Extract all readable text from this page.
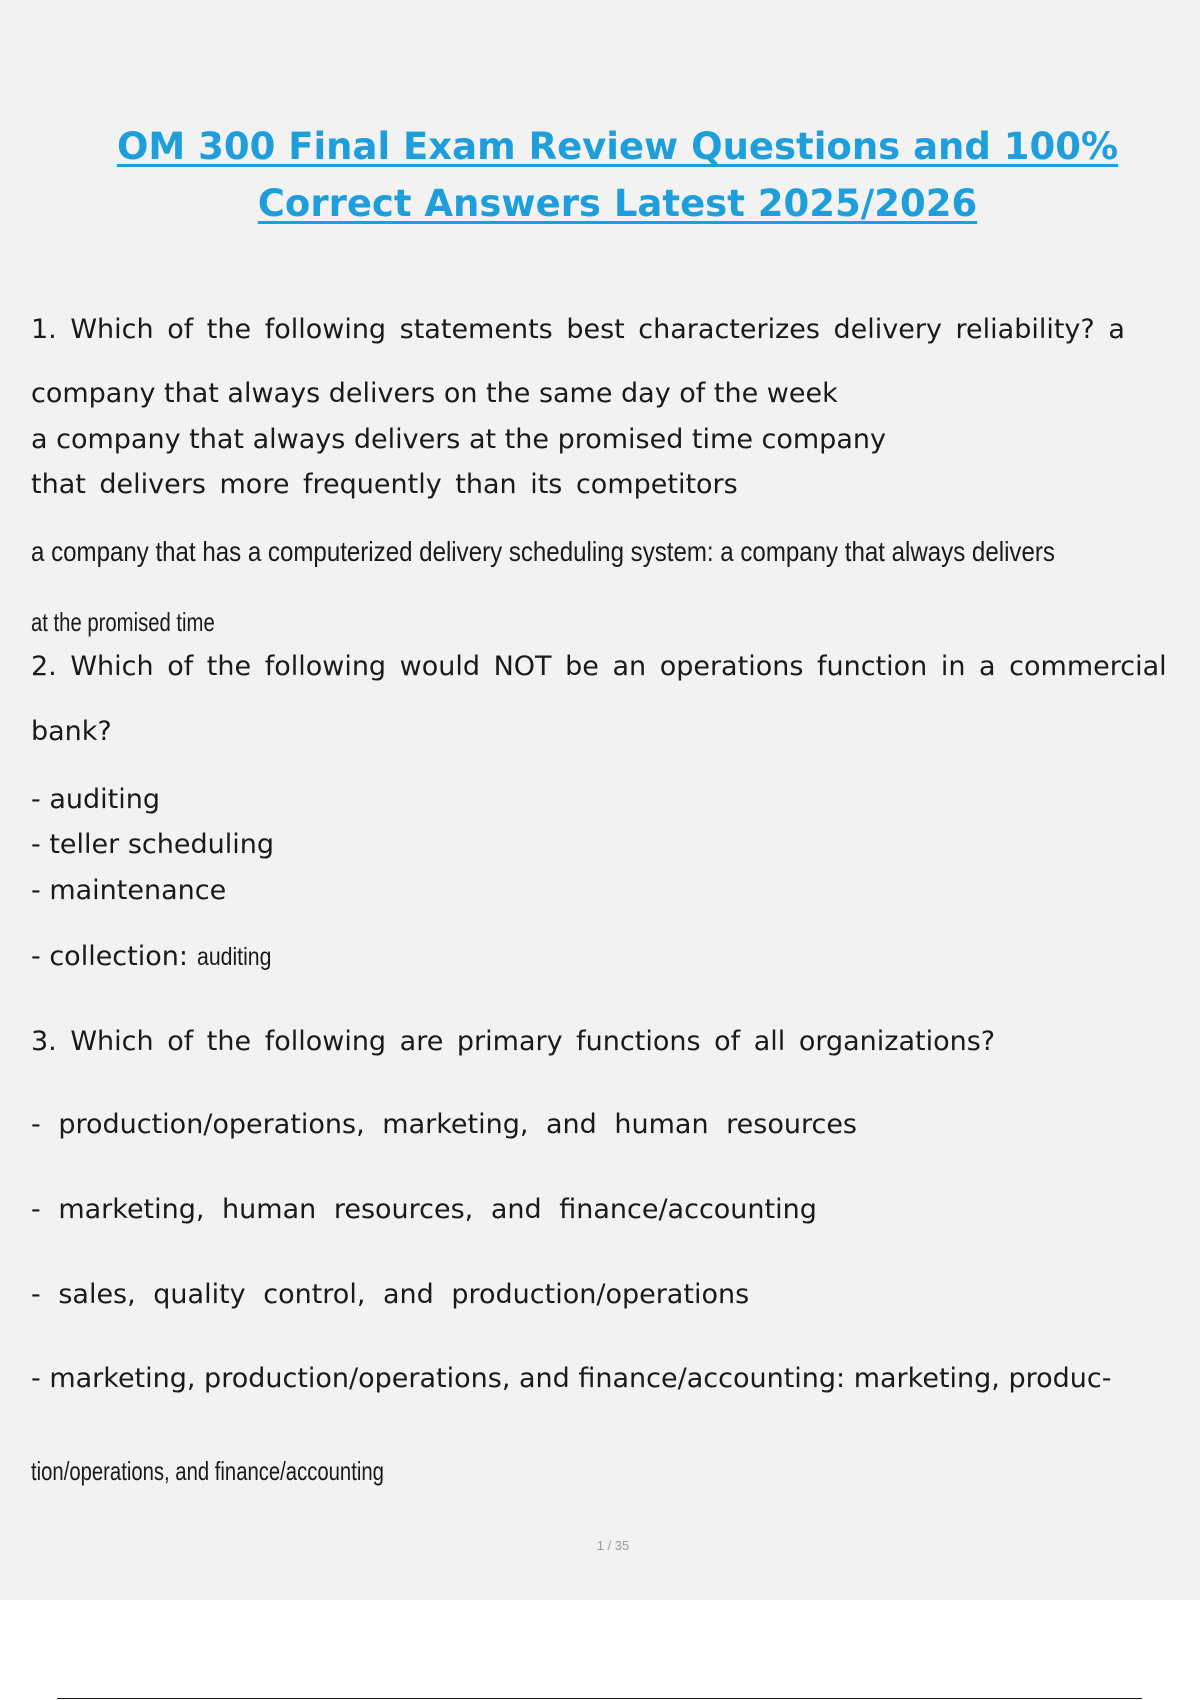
OM 300 Final Exam Review Questions and 100%
Correct Answers Latest 2025/2026
1. Which of the following statements best characterizes delivery reliability? a
company that always delivers on the same day of the week
a company that always delivers at the promised time company
that delivers more frequently than its competitors
a company that has a computerized delivery scheduling system: a company that always delivers
at the promised time
2. Which of the following would NOT be an operations function in a commercial
bank?
- auditing
- teller scheduling
- maintenance
- collection: auditing
3. Which of the following are primary functions of all organizations?
- production/operations, marketing, and human resources
- marketing, human resources, and finance/accounting
- sales, quality control, and production/operations
- marketing, production/operations, and finance/accounting: marketing, produc-
tion/operations, and finance/accounting
1 / 35
